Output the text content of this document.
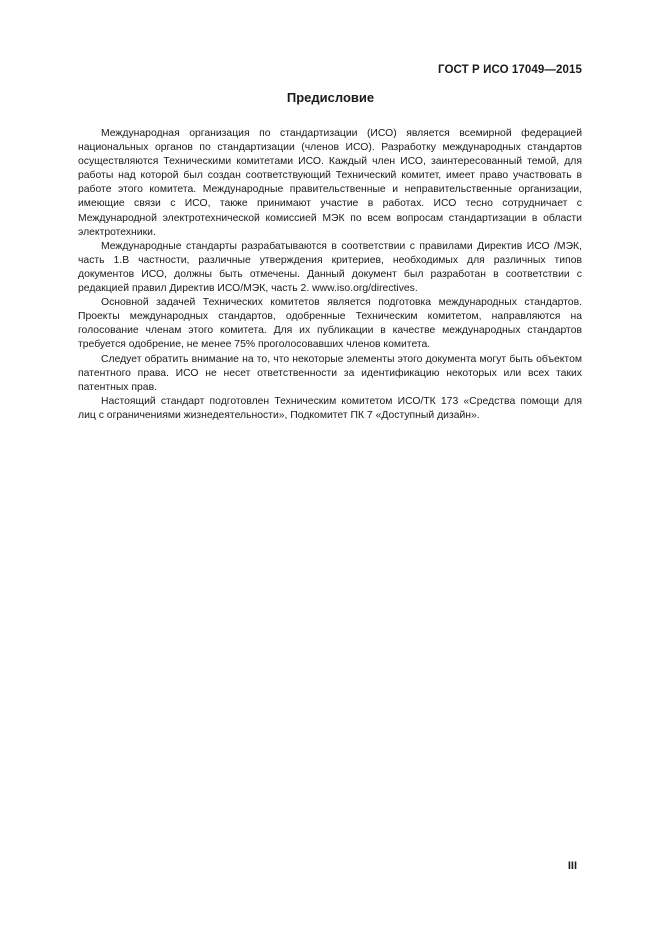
ГОСТ Р ИСО 17049—2015
Предисловие

Международная организация по стандартизации (ИСО) является всемирной федерацией национальных органов по стандартизации (членов ИСО). Разработку международных стандартов осуществляются Техническими комитетами ИСО. Каждый член ИСО, заинтересованный темой, для работы над которой был создан соответствующий Технический комитет, имеет право участвовать в работе этого комитета. Международные правительственные и неправительственные организации, имеющие связи с ИСО, также принимают участие в работах. ИСО тесно сотрудничает с Международной электротехнической комиссией МЭК по всем вопросам стандартизации в области электротехники.

Международные стандарты разрабатываются в соответствии с правилами Директив ИСО /МЭК, часть 1.В частности, различные утверждения критериев, необходимых для различных типов документов ИСО, должны быть отмечены. Данный документ был разработан в соответствии с редакцией правил Директив ИСО/МЭК, часть 2. www.iso.org/directives.

Основной задачей Технических комитетов является подготовка международных стандартов. Проекты международных стандартов, одобренные Техническим комитетом, направляются на голосование членам этого комитета. Для их публикации в качестве международных стандартов требуется одобрение, не менее 75% проголосовавших членов комитета.

Следует обратить внимание на то, что некоторые элементы этого документа могут быть объектом патентного права. ИСО не несет ответственности за идентификацию некоторых или всех таких патентных прав.

Настоящий стандарт подготовлен Техническим комитетом ИСО/ТК 173 «Средства помощи для лиц с ограничениями жизнедеятельности», Подкомитет ПК 7 «Доступный дизайн».

III
